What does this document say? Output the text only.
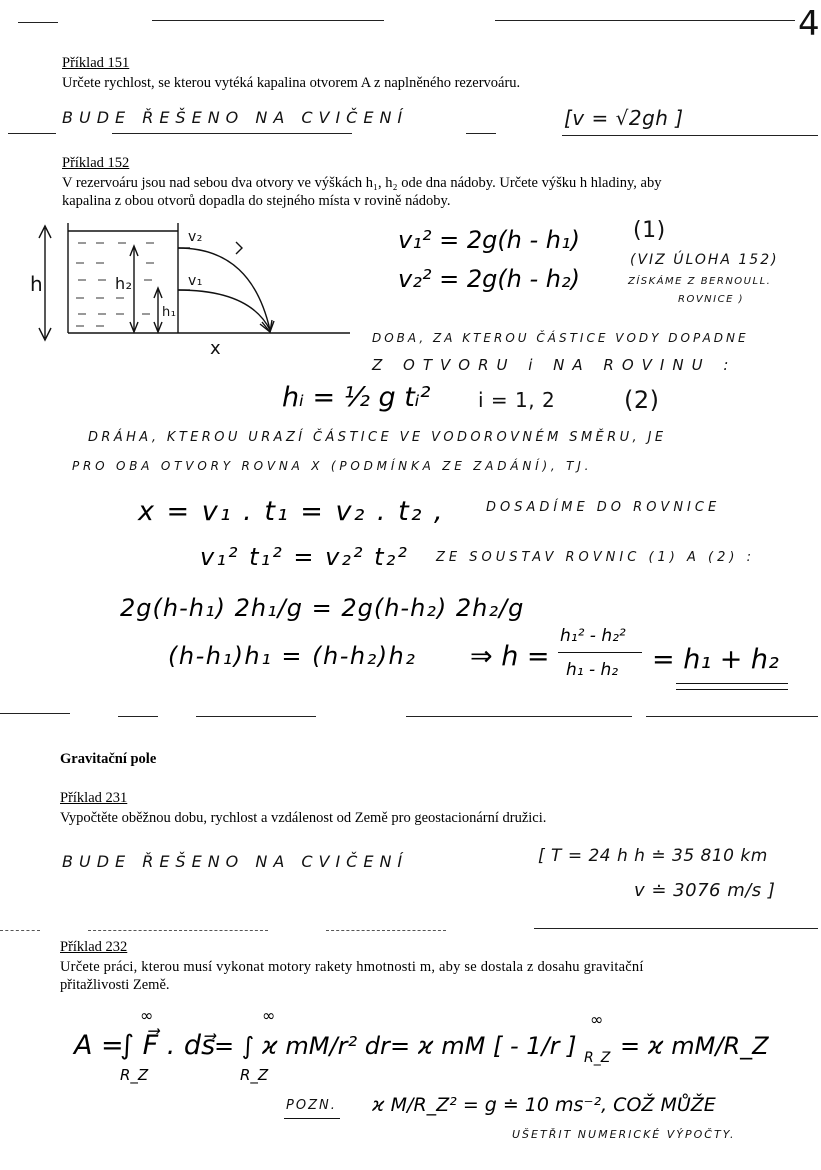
4
Příklad 151
Určete rychlost, se kterou vytéká kapalina otvorem A z naplněného rezervoáru.
BUDE ŘEŠENO NA CVIČENÍ	[v = √2gh ]
Příklad 152
V rezervoáru jsou nad sebou dva otvory ve výškách h₁, h₂ ode dna nádoby. Určete výšku h hladiny, aby
kapalina z obou otvorů dopadla do stejného místa v rovině nádoby.
h	h₂
h₁
v₂
v₁
x
v₁² = 2g(h - h₁)
v₂² = 2g(h - h₂)
(1)
(VIZ ÚLOHA 152)
ZÍSKÁME Z BERNOULL.
ROVNICE )
DOBA, ZA KTEROU ČÁSTICE VODY DOPADNE
Z OTVORU i NA ROVINU :
hᵢ = ½ g tᵢ² i = 1, 2	(2)
DRÁHA, KTEROU URAZÍ ČÁSTICE VE VODOROVNÉM SMĚRU, JE
PRO OBA OTVORY ROVNA X (PODMÍNKA ZE ZADÁNÍ), TJ.
x = v₁ . t₁ = v₂ . t₂ ,	DOSADÍME DO ROVNICE
v₁² t₁² = v₂² t₂² ZE SOUSTAV ROVNIC (1) A (2) :
2g(h-h₁) 2h₁/g = 2g(h-h₂) 2h₂/g
(h-h₁)h₁ = (h-h₂)h₂ ⇒ h =
h₁² - h₂²
h₁ - h₂ = h₁ + h₂
Gravitační pole
Příklad 231
Vypočtěte oběžnou dobu, rychlost a vzdálenost od Země pro geostacionární družici.
BUDE ŘEŠENO NA CVIČENÍ	[ T = 24 h h ≐ 35 810 km
v ≐ 3076 m/s ]
Příklad 232
Určete práci, kterou musí vykonat motory rakety hmotnosti m, aby se dostala z dosahu gravitační
přitažlivosti Země.
A =
∞
R_Z
∫ F⃗ . ds⃗
∞
R_Z
= ∫ ϰ mM/r² dr = ϰ mM [ - 1/r ]
∞
R_Z = ϰ mM/R_Z
POZN. ϰ M/R_Z² = g ≐ 10 ms⁻², COŽ MŮŽE
UŠETŘIT NUMERICKÉ VÝPOČTY.
